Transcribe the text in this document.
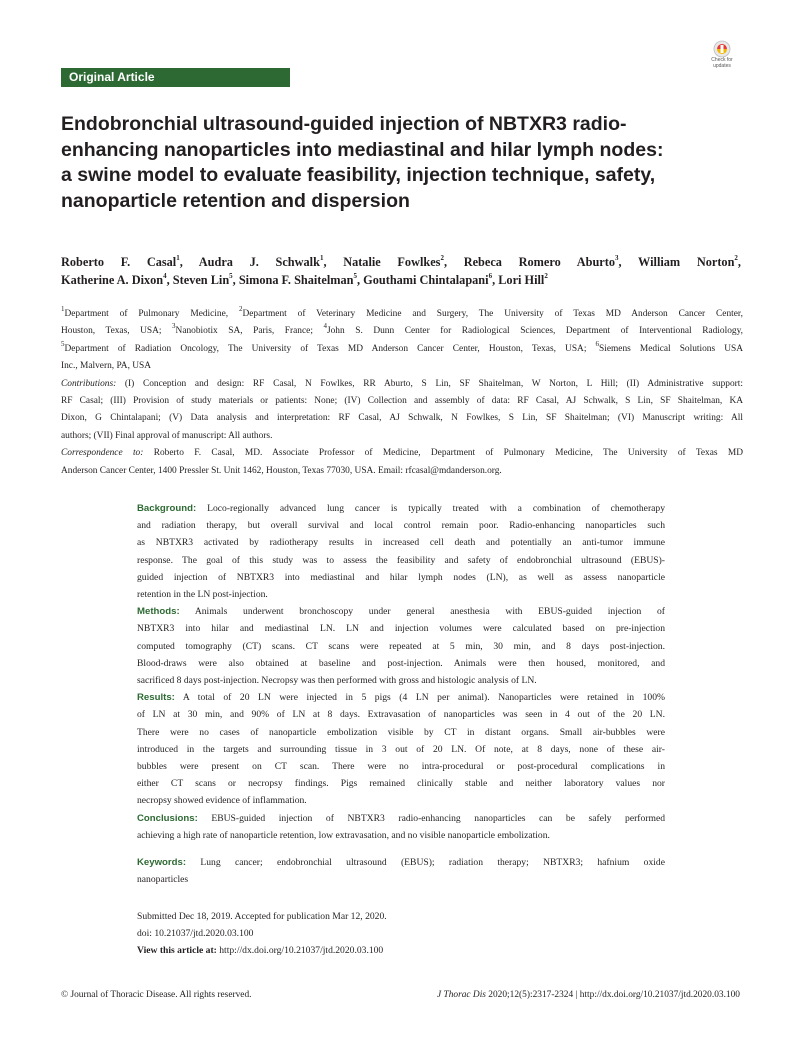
Original Article
Check for updates
Endobronchial ultrasound-guided injection of NBTXR3 radio-
enhancing nanoparticles into mediastinal and hilar lymph nodes:
a swine model to evaluate feasibility, injection technique, safety,
nanoparticle retention and dispersion
Roberto F. Casal$^1$, Audra J. Schwalk$^1$, Natalie Fowlkes$^2$, Rebeca Romero Aburto$^3$, William Norton$^2$,
Katherine A. Dixon$^4$, Steven Lin$^5$, Simona F. Shaitelman$^5$, Gouthami Chintalapani$^6$, Lori Hill$^2$
$^1$Department of Pulmonary Medicine, $^2$Department of Veterinary Medicine and Surgery, The University of Texas MD Anderson Cancer Center,
Houston, Texas, USA; $^3$Nanobiotix SA, Paris, France; $^4$John S. Dunn Center for Radiological Sciences, Department of Interventional Radiology,
$^5$Department of Radiation Oncology, The University of Texas MD Anderson Cancer Center, Houston, Texas, USA; $^6$Siemens Medical Solutions USA
Inc., Malvern, PA, USA
Contributions: (I) Conception and design: RF Casal, N Fowlkes, RR Aburto, S Lin, SF Shaitelman, W Norton, L Hill; (II) Administrative support:
RF Casal; (III) Provision of study materials or patients: None; (IV) Collection and assembly of data: RF Casal, AJ Schwalk, S Lin, SF Shaitelman, KA
Dixon, G Chintalapani; (V) Data analysis and interpretation: RF Casal, AJ Schwalk, N Fowlkes, S Lin, SF Shaitelman; (VI) Manuscript writing: All
authors; (VII) Final approval of manuscript: All authors.
Correspondence to: Roberto F. Casal, MD. Associate Professor of Medicine, Department of Pulmonary Medicine, The University of Texas MD
Anderson Cancer Center, 1400 Pressler St. Unit 1462, Houston, Texas 77030, USA. Email: rfcasal@mdanderson.org.
Background: Loco-regionally advanced lung cancer is typically treated with a combination of chemotherapy
and radiation therapy, but overall survival and local control remain poor. Radio-enhancing nanoparticles such
as NBTXR3 activated by radiotherapy results in increased cell death and potentially an anti-tumor immune
response. The goal of this study was to assess the feasibility and safety of endobronchial ultrasound (EBUS)-
guided injection of NBTXR3 into mediastinal and hilar lymph nodes (LN), as well as assess nanoparticle
retention in the LN post-injection.
Methods: Animals underwent bronchoscopy under general anesthesia with EBUS-guided injection of
NBTXR3 into hilar and mediastinal LN. LN and injection volumes were calculated based on pre-injection
computed tomography (CT) scans. CT scans were repeated at 5 min, 30 min, and 8 days post-injection.
Blood-draws were also obtained at baseline and post-injection. Animals were then housed, monitored, and
sacrificed 8 days post-injection. Necropsy was then performed with gross and histologic analysis of LN.
Results: A total of 20 LN were injected in 5 pigs (4 LN per animal). Nanoparticles were retained in 100%
of LN at 30 min, and 90% of LN at 8 days. Extravasation of nanoparticles was seen in 4 out of the 20 LN.
There were no cases of nanoparticle embolization visible by CT in distant organs. Small air-bubbles were
introduced in the targets and surrounding tissue in 3 out of 20 LN. Of note, at 8 days, none of these air-
bubbles were present on CT scan. There were no intra-procedural or post-procedural complications in
either CT scans or necropsy findings. Pigs remained clinically stable and neither laboratory values nor
necropsy showed evidence of inflammation.
Conclusions: EBUS-guided injection of NBTXR3 radio-enhancing nanoparticles can be safely performed
achieving a high rate of nanoparticle retention, low extravasation, and no visible nanoparticle embolization.
Keywords: Lung cancer; endobronchial ultrasound (EBUS); radiation therapy; NBTXR3; hafnium oxide
nanoparticles
Submitted Dec 18, 2019. Accepted for publication Mar 12, 2020.
doi: 10.21037/jtd.2020.03.100
View this article at: http://dx.doi.org/10.21037/jtd.2020.03.100
© Journal of Thoracic Disease. All rights reserved.	J Thorac Dis 2020;12(5):2317-2324 | http://dx.doi.org/10.21037/jtd.2020.03.100
